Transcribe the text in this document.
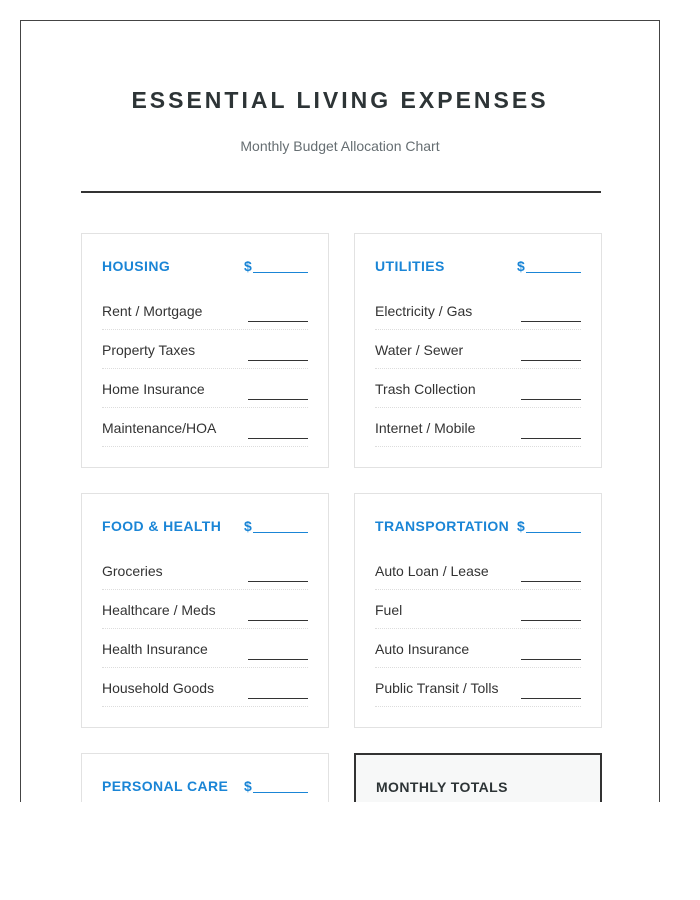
ESSENTIAL LIVING EXPENSES
Monthly Budget Allocation Chart
HOUSING	$
Rent / Mortgage
Property Taxes
Home Insurance
Maintenance/HOA
UTILITIES	$
Electricity / Gas
Water / Sewer
Trash Collection
Internet / Mobile
FOOD & HEALTH $
Groceries
Healthcare / Meds
Health Insurance
Household Goods
TRANSPORTATION $
Auto Loan / Lease
Fuel
Auto Insurance
Public Transit / Tolls
PERSONAL CARE $	MONTHLY TOTALS
